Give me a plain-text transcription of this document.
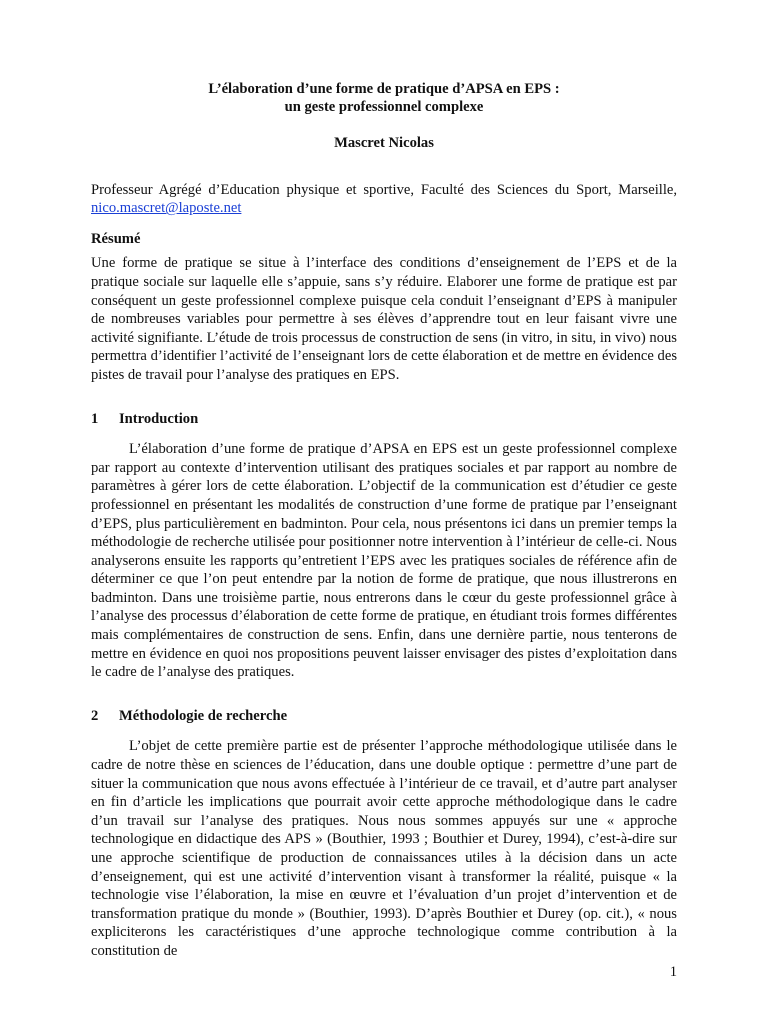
L’élaboration d’une forme de pratique d’APSA en EPS :
un geste professionnel complexe

Mascret Nicolas
Professeur Agrégé d’Education physique et sportive, Faculté des Sciences du Sport, Marseille, nico.mascret@laposte.net
Résumé
Une forme de pratique se situe à l’interface des conditions d’enseignement de l’EPS et de la pratique sociale sur laquelle elle s’appuie, sans s’y réduire. Elaborer une forme de pratique est par conséquent un geste professionnel complexe puisque cela conduit l’enseignant d’EPS à manipuler de nombreuses variables pour permettre à ses élèves d’apprendre tout en leur faisant vivre une activité signifiante. L’étude de trois processus de construction de sens (in vitro, in situ, in vivo) nous permettra d’identifier l’activité de l’enseignant lors de cette élaboration et de mettre en évidence des pistes de travail pour l’analyse des pratiques en EPS.
1	Introduction
L’élaboration d’une forme de pratique d’APSA en EPS est un geste professionnel complexe par rapport au contexte d’intervention utilisant des pratiques sociales et par rapport au nombre de paramètres à gérer lors de cette élaboration. L’objectif de la communication est d’étudier ce geste professionnel en présentant les modalités de construction d’une forme de pratique par l’enseignant d’EPS, plus particulièrement en badminton. Pour cela, nous présentons ici dans un premier temps la méthodologie de recherche utilisée pour positionner notre intervention à l’intérieur de celle-ci. Nous analyserons ensuite les rapports qu’entretient l’EPS avec les pratiques sociales de référence afin de déterminer ce que l’on peut entendre par la notion de forme de pratique, que nous illustrerons en badminton. Dans une troisième partie, nous entrerons dans le cœur du geste professionnel grâce à l’analyse des processus d’élaboration de cette forme de pratique, en étudiant trois formes différentes mais complémentaires de construction de sens. Enfin, dans une dernière partie, nous tenterons de mettre en évidence en quoi nos propositions peuvent laisser envisager des pistes d’exploitation dans le cadre de l’analyse des pratiques.
2	Méthodologie de recherche
L’objet de cette première partie est de présenter l’approche méthodologique utilisée dans le cadre de notre thèse en sciences de l’éducation, dans une double optique : permettre d’une part de situer la communication que nous avons effectuée à l’intérieur de ce travail, et d’autre part analyser en fin d’article les implications que pourrait avoir cette approche méthodologique dans le cadre d’un travail sur l’analyse des pratiques. Nous nous sommes appuyés sur une « approche technologique en didactique des APS » (Bouthier, 1993 ; Bouthier et Durey, 1994), c’est-à-dire sur une approche scientifique de production de connaissances utiles à la décision dans un acte d’enseignement, qui est une activité d’intervention visant à transformer la réalité, puisque « la technologie vise l’élaboration, la mise en œuvre et l’évaluation d’un projet d’intervention et de transformation pratique du monde » (Bouthier, 1993). D’après Bouthier et Durey (op. cit.), « nous expliciterons les caractéristiques d’une approche technologique comme contribution à la constitution de
1
